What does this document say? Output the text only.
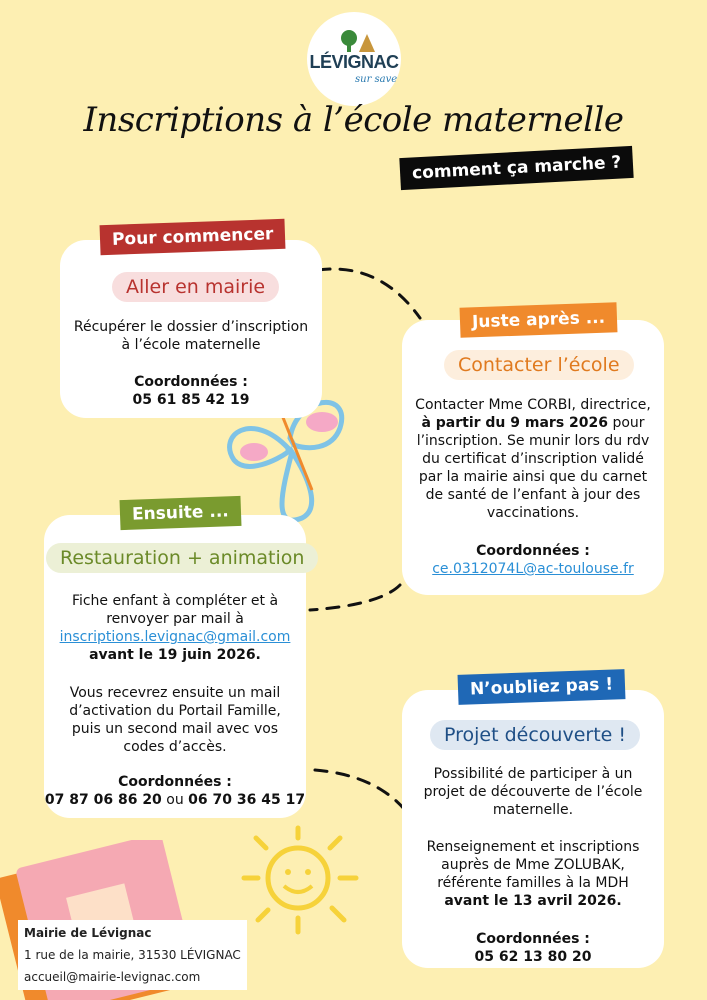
LÉVIGNAC
sur save
Inscriptions à l’école maternelle
comment ça marche ?
Pour commencer
Aller en mairie
Récupérer le dossier d’inscription à l’école maternelle
Coordonnées :
05 61 85 42 19
Juste après ...
Contacter l’école
Contacter Mme CORBI, directrice, à partir du 9 mars 2026 pour l’inscription. Se munir lors du rdv du certificat d’inscription validé par la mairie ainsi que du carnet de santé de l’enfant à jour des vaccinations.
Coordonnées :
ce.0312074L@ac-toulouse.fr
Ensuite ...
Restauration + animation
Fiche enfant à compléter et à renvoyer par mail à
inscriptions.levignac@gmail.com
avant le 19 juin 2026.
Vous recevrez ensuite un mail d’activation du Portail Famille, puis un second mail avec vos codes d’accès.
Coordonnées :
07 87 06 86 20 ou 06 70 36 45 17
N’oubliez pas !
Projet découverte !
Possibilité de participer à un projet de découverte de l’école maternelle.
Renseignement et inscriptions auprès de Mme ZOLUBAK, référente familles à la MDH
avant le 13 avril 2026.
Coordonnées :
05 62 13 80 20
Mairie de Lévignac
1 rue de la mairie, 31530 LÉVIGNAC
accueil@mairie-levignac.com
